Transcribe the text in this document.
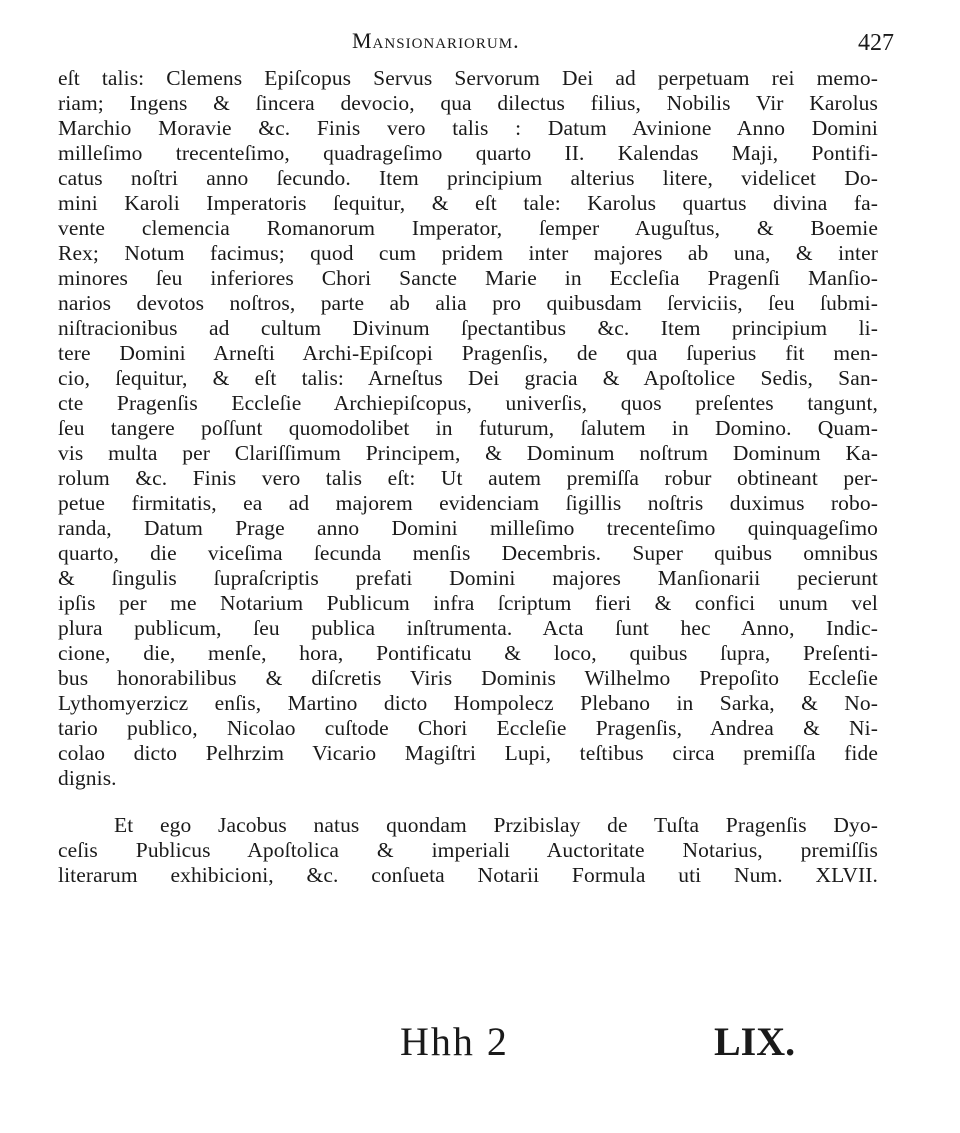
Mansionariorum.	427
eſt talis: Clemens Epiſcopus Servus Servorum Dei ad perpetuam rei memo-
riam; Ingens & ſincera devocio, qua dilectus filius, Nobilis Vir Karolus
Marchio Moravie &c. Finis vero talis : Datum Avinione Anno Domini
milleſimo trecenteſimo, quadrageſimo quarto II. Kalendas Maji, Pontifi-
catus noſtri anno ſecundo. Item principium alterius litere, videlicet Do-
mini Karoli Imperatoris ſequitur, & eſt tale: Karolus quartus divina fa-
vente clemencia Romanorum Imperator, ſemper Auguſtus, & Boemie
Rex; Notum facimus; quod cum pridem inter majores ab una, & inter
minores ſeu inferiores Chori Sancte Marie in Eccleſia Pragenſi Manſio-
narios devotos noſtros, parte ab alia pro quibusdam ſerviciis, ſeu ſubmi-
niſtracionibus ad cultum Divinum ſpectantibus &c. Item principium li-
tere Domini Arneſti Archi-Epiſcopi Pragenſis, de qua ſuperius fit men-
cio, ſequitur, & eſt talis: Arneſtus Dei gracia & Apoſtolice Sedis, San-
cte Pragenſis Eccleſie Archiepiſcopus, univerſis, quos preſentes tangunt,
ſeu tangere poſſunt quomodolibet in futurum, ſalutem in Domino. Quam-
vis multa per Clariſſimum Principem, & Dominum noſtrum Dominum Ka-
rolum &c. Finis vero talis eſt: Ut autem premiſſa robur obtineant per-
petue firmitatis, ea ad majorem evidenciam ſigillis noſtris duximus robo-
randa, Datum Prage anno Domini milleſimo trecenteſimo quinquageſimo
quarto, die viceſima ſecunda menſis Decembris. Super quibus omnibus
& ſingulis ſupraſcriptis prefati Domini majores Manſionarii pecierunt
ipſis per me Notarium Publicum infra ſcriptum fieri & confici unum vel
plura publicum, ſeu publica inſtrumenta. Acta ſunt hec Anno, Indic-
cione, die, menſe, hora, Pontificatu & loco, quibus ſupra, Preſenti-
bus honorabilibus & diſcretis Viris Dominis Wilhelmo Prepoſito Eccleſie
Lythomyerzicz enſis, Martino dicto Hompolecz Plebano in Sarka, & No-
tario publico, Nicolao cuſtode Chori Eccleſie Pragenſis, Andrea & Ni-
colao dicto Pelhrzim Vicario Magiſtri Lupi, teſtibus circa premiſſa fide
dignis.
Et ego Jacobus natus quondam Przibislay de Tuſta Pragenſis Dyo-
ceſis Publicus Apoſtolica & imperiali Auctoritate Notarius, premiſſis
literarum exhibicioni, &c. conſueta Notarii Formula uti Num. XLVII.
Hhh 2	LIX.
